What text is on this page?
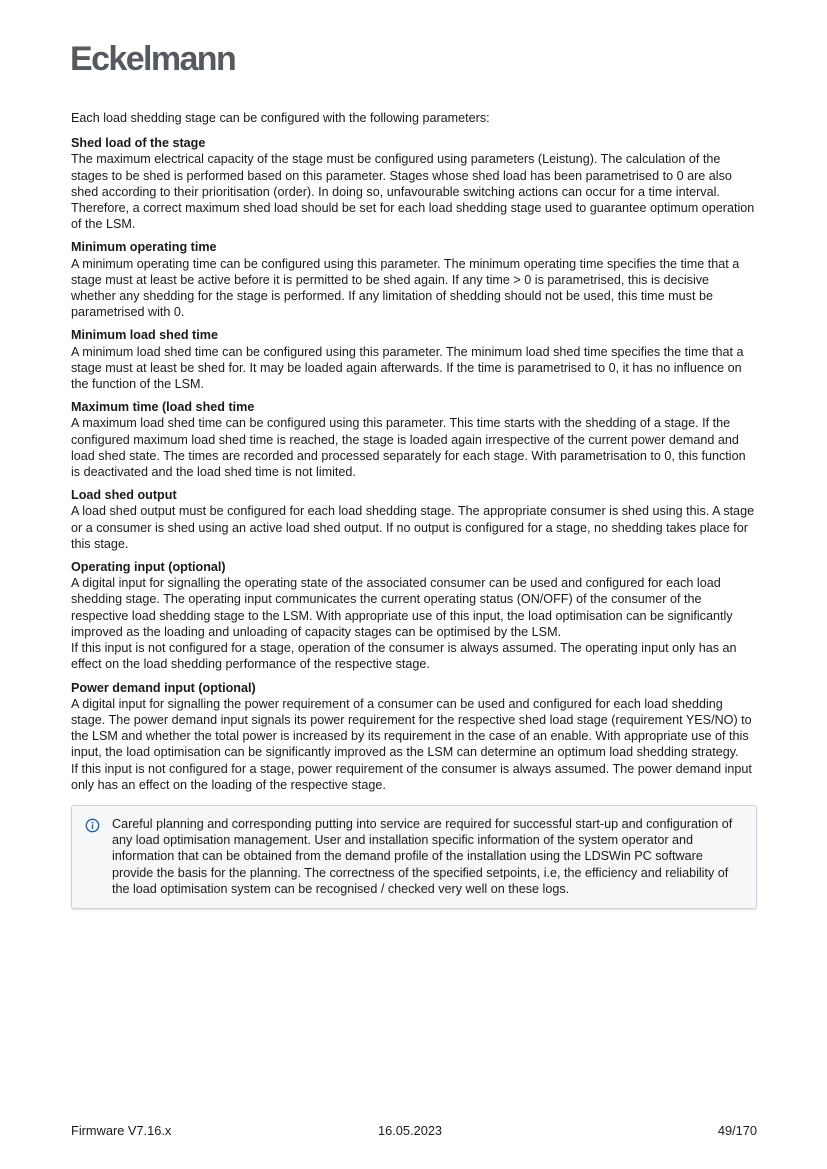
Eckelmann

Each load shedding stage can be configured with the following parameters:

Shed load of the stage

The maximum electrical capacity of the stage must be configured using parameters (Leistung). The calculation of the stages to be shed is performed based on this parameter. Stages whose shed load has been parametrised to 0 are also shed according to their prioritisation (order). In doing so, unfavourable switching actions can occur for a time interval. Therefore, a correct maximum shed load should be set for each load shedding stage used to guarantee optimum operation of the LSM.

Minimum operating time

A minimum operating time can be configured using this parameter. The minimum operating time specifies the time that a stage must at least be active before it is permitted to be shed again. If any time > 0 is parametrised, this is decisive whether any shedding for the stage is performed. If any limitation of shedding should not be used, this time must be parametrised with 0.

Minimum load shed time

A minimum load shed time can be configured using this parameter. The minimum load shed time specifies the time that a stage must at least be shed for. It may be loaded again afterwards. If the time is parametrised to 0, it has no influence on the function of the LSM.

Maximum time (load shed time

A maximum load shed time can be configured using this parameter. This time starts with the shedding of a stage. If the configured maximum load shed time is reached, the stage is loaded again irrespective of the current power demand and load shed state. The times are recorded and processed separately for each stage. With parametrisation to 0, this function is deactivated and the load shed time is not limited.

Load shed output

A load shed output must be configured for each load shedding stage. The appropriate consumer is shed using this. A stage or a consumer is shed using an active load shed output. If no output is configured for a stage, no shedding takes place for this stage.

Operating input (optional)

A digital input for signalling the operating state of the associated consumer can be used and configured for each load shedding stage. The operating input communicates the current operating status (ON/OFF) of the consumer of the respective load shedding stage to the LSM. With appropriate use of this input, the load optimisation can be significantly improved as the loading and unloading of capacity stages can be optimised by the LSM.

If this input is not configured for a stage, operation of the consumer is always assumed. The operating input only has an effect on the load shedding performance of the respective stage.

Power demand input (optional)

A digital input for signalling the power requirement of a consumer can be used and configured for each load shedding stage. The power demand input signals its power requirement for the respective shed load stage (requirement YES/NO) to the LSM and whether the total power is increased by its requirement in the case of an enable. With appropriate use of this input, the load optimisation can be significantly improved as the LSM can determine an optimum load shedding strategy.

If this input is not configured for a stage, power requirement of the consumer is always assumed. The power demand input only has an effect on the loading of the respective stage.

Careful planning and corresponding putting into service are required for successful start-up and configuration of any load optimisation management. User and installation specific information of the system operator and information that can be obtained from the demand profile of the installation using the LDSWin PC software provide the basis for the planning. The correctness of the specified setpoints, i.e, the efficiency and reliability of the load optimisation system can be recognised / checked very well on these logs.

Firmware V7.16.x	16.05.2023	49/170
